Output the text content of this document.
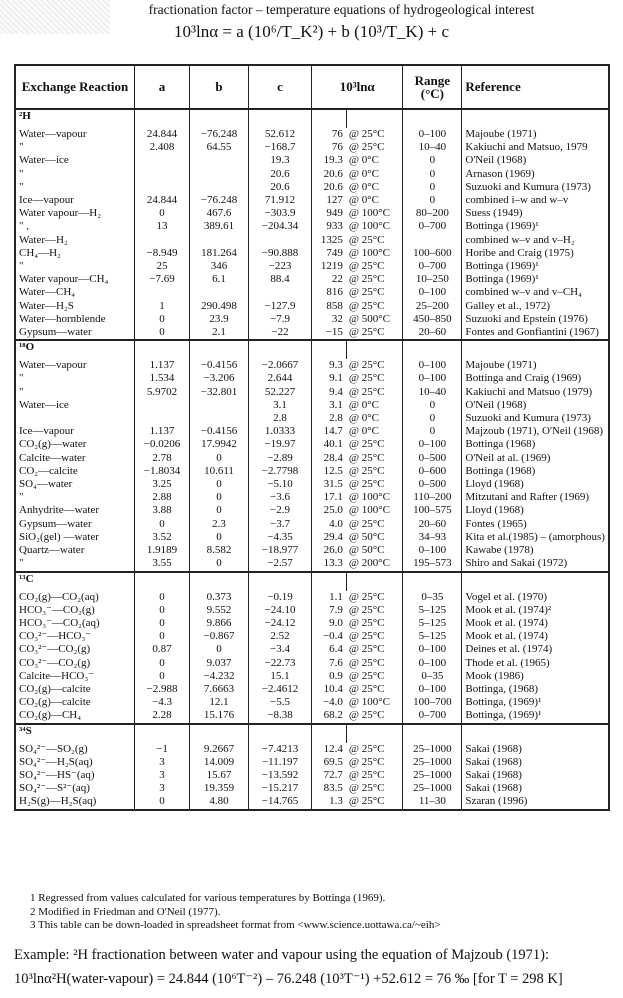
fractionation factor – temperature equations of hydrogeological interest
10³lnα = a (10⁶/T_K²) + b (10³/T_K) + c
Exchange Reaction	a	b	c	10³lnα		Range (°C)	Reference
²H							
Water—vapour	24.844	−76.248	52.612	76	@ 25°C	0–100	Majoube (1971)
"	2.408	64.55	−168.7	76	@ 25°C	10–40	Kakiuchi and Matsuo, 1979
Water—ice			19.3	19.3	@ 0°C	0	O'Neil (1968)
"			20.6	20.6	@ 0°C	0	Arnason (1969)
"			20.6	20.6	@ 0°C	0	Suzuoki and Kumura (1973)
Ice—vapour	24.844	−76.248	71.912	127	@ 0°C	0	combined i–w and w–v
Water vapour—H₂	0	467.6	−303.9	949	@ 100°C	80–200	Suess (1949)
" ,	13	389.61	−204.34	933	@ 100°C	0–700	Bottinga (1969)¹
Water—H₂				1325	@ 25°C		combined w–v and v–H₂
CH₄—H₂	−8.949	181.264	−90.888	749	@ 100°C	100–600	Horibe and Craig (1975)
"	25	346	−223	1219	@ 25°C	0–700	Bottinga (1969)¹
Water vapour—CH₄	−7.69	6.1	88.4	22	@ 25°C	10–250	Bottinga (1969)¹
Water—CH₄				816	@ 25°C	0–100	combined w–v and v–CH₄
Water—H₂S	1	290.498	−127.9	858	@ 25°C	25–200	Galley et al., 1972)
Water—hornblende	0	23.9	−7.9	32	@ 500°C	450–850	Suzuoki and Epstein (1976)
Gypsum—water	0	2.1	−22	−15	@ 25°C	20–60	Fontes and Gonfiantini (1967)
¹⁸O							
Water—vapour	1.137	−0.4156	−2.0667	9.3	@ 25°C	0–100	Majoube (1971)
"	1.534	−3.206	2.644	9.1	@ 25°C	0–100	Bottinga and Craig (1969)
"	5.9702	−32.801	52.227	9.4	@ 25°C	10–40	Kakiuchi and Matsuo (1979)
Water—ice			3.1	3.1	@ 0°C	0	O'Neil (1968)
			2.8	2.8	@ 0°C	0	Suzuoki and Kumura (1973)
Ice—vapour	1.137	−0.4156	1.0333	14.7	@ 0°C	0	Majzoub (1971), O'Neil (1968)
CO₂(g)—water	−0.0206	17.9942	−19.97	40.1	@ 25°C	0–100	Bottinga (1968)
Calcite—water	2.78	0	−2.89	28.4	@ 25°C	0–500	O'Neil at al. (1969)
CO₂—calcite	−1.8034	10.611	−2.7798	12.5	@ 25°C	0–600	Bottinga (1968)
SO₄—water	3.25	0	−5.10	31.5	@ 25°C	0–500	Lloyd (1968)
"	2.88	0	−3.6	17.1	@ 100°C	110–200	Mitzutani and Rafter (1969)
Anhydrite—water	3.88	0	−2.9	25.0	@ 100°C	100–575	Lloyd (1968)
Gypsum—water	0	2.3	−3.7	4.0	@ 25°C	20–60	Fontes (1965)
SiO₂(gel) —water	3.52	0	−4.35	29.4	@ 50°C	34–93	Kita et al.(1985) – (amorphous)
Quartz—water	1.9189	8.582	−18.977	26.0	@ 50°C	0–100	Kawabe (1978)
"	3.55	0	−2.57	13.3	@ 200°C	195–573	Shiro and Sakai (1972)
¹³C							
CO₂(g)—CO₂(aq)	0	0.373	−0.19	1.1	@ 25°C	0–35	Vogel et al. (1970)
HCO₃⁻—CO₂(g)	0	9.552	−24.10	7.9	@ 25°C	5–125	Mook et al. (1974)²
HCO₃⁻—CO₂(aq)	0	9.866	−24.12	9.0	@ 25°C	5–125	Mook et al. (1974)
CO₃²⁻—HCO₃⁻	0	−0.867	2.52	−0.4	@ 25°C	5–125	Mook et al. (1974)
CO₃²⁻—CO₂(g)	0.87	0	−3.4	6.4	@ 25°C	0–100	Deines et al. (1974)
CO₃²⁻—CO₂(g)	0	9.037	−22.73	7.6	@ 25°C	0–100	Thode et al. (1965)
Calcite—HCO₃⁻	0	−4.232	15.1	0.9	@ 25°C	0–35	Mook (1986)
CO₂(g)—calcite	−2.988	7.6663	−2.4612	10.4	@ 25°C	0–100	Bottinga, (1968)
CO₂(g)—calcite	−4.3	12.1	−5.5	−4.0	@ 100°C	100–700	Bottinga, (1969)¹
CO₂(g)—CH₄	2.28	15.176	−8.38	68.2	@ 25°C	0–700	Bottinga, (1969)¹
³⁴S							
SO₄²⁻—SO₂(g)	−1	9.2667	−7.4213	12.4	@ 25°C	25–1000	Sakai (1968)
SO₄²⁻—H₂S(aq)	3	14.009	−11.197	69.5	@ 25°C	25–1000	Sakai (1968)
SO₄²⁻—HS⁻(aq)	3	15.67	−13.592	72.7	@ 25°C	25–1000	Sakai (1968)
SO₄²⁻—S²⁻(aq)	3	19.359	−15.217	83.5	@ 25°C	25–1000	Sakai (1968)
H₂S(g)—H₂S(aq)	0	4.80	−14.765	1.3	@ 25°C	11–30	Szaran (1996)
1 Regressed from values calculated for various temperatures by Bottinga (1969).
2 Modified in Friedman and O'Neil (1977).
3 This table can be down-loaded in spreadsheet format from <www.science.uottawa.ca/~eih>
Example: ²H fractionation between water and vapour using the equation of Majzoub (1971):
10³lnα²H(water-vapour) = 24.844 (10⁶T⁻²) – 76.248 (10³T⁻¹) +52.612 = 76 ‰ [for T = 298 K]
